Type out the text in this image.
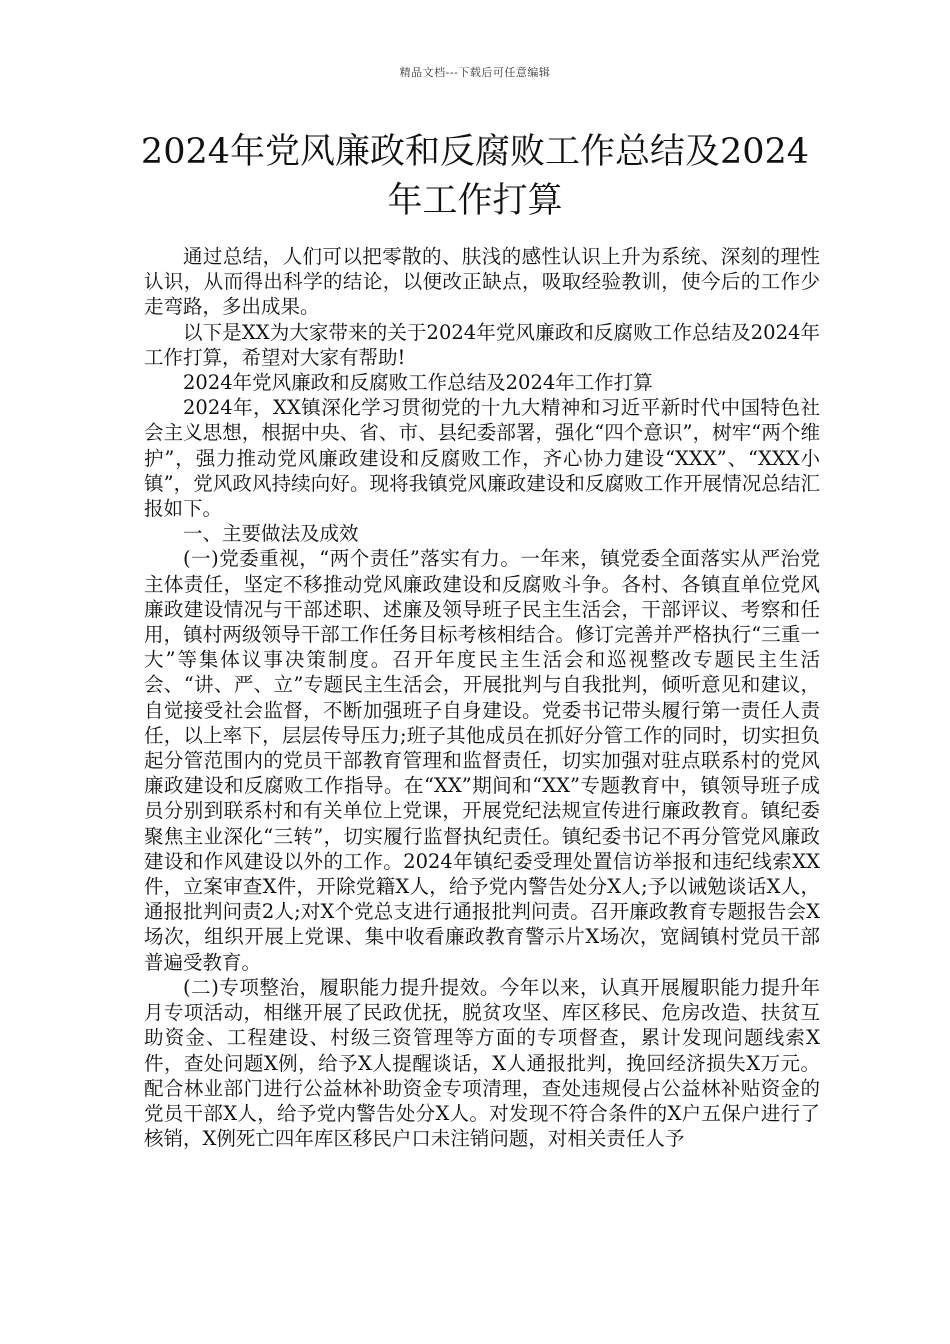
精品文档---下载后可任意编辑
2024年党风廉政和反腐败工作总结及2024年工作打算

通过总结，人们可以把零散的、肤浅的感性认识上升为系统、深刻的理性认识，从而得出科学的结论，以便改正缺点，吸取经验教训，使今后的工作少走弯路，多出成果。

以下是XX为大家带来的关于2024年党风廉政和反腐败工作总结及2024年工作打算，希望对大家有帮助!

2024年党风廉政和反腐败工作总结及2024年工作打算

2024年，XX镇深化学习贯彻党的十九大精神和习近平新时代中国特色社会主义思想，根据中央、省、市、县纪委部署，强化“四个意识”，树牢“两个维护”，强力推动党风廉政建设和反腐败工作，齐心协力建设“XXX”、“XXX小镇”，党风政风持续向好。现将我镇党风廉政建设和反腐败工作开展情况总结汇报如下。

一、主要做法及成效

(一)党委重视，“两个责任”落实有力。一年来，镇党委全面落实从严治党主体责任，坚定不移推动党风廉政建设和反腐败斗争。各村、各镇直单位党风廉政建设情况与干部述职、述廉及领导班子民主生活会，干部评议、考察和任用，镇村两级领导干部工作任务目标考核相结合。修订完善并严格执行“三重一大”等集体议事决策制度。召开年度民主生活会和巡视整改专题民主生活会、“讲、严、立”专题民主生活会，开展批判与自我批判，倾听意见和建议，自觉接受社会监督，不断加强班子自身建设。党委书记带头履行第一责任人责任，以上率下，层层传导压力;班子其他成员在抓好分管工作的同时，切实担负起分管范围内的党员干部教育管理和监督责任，切实加强对驻点联系村的党风廉政建设和反腐败工作指导。在“XX”期间和“XX”专题教育中，镇领导班子成员分别到联系村和有关单位上党课，开展党纪法规宣传进行廉政教育。镇纪委聚焦主业深化“三转”，切实履行监督执纪责任。镇纪委书记不再分管党风廉政建设和作风建设以外的工作。2024年镇纪委受理处置信访举报和违纪线索XX件，立案审查X件，开除党籍X人，给予党内警告处分X人;予以诫勉谈话X人，通报批判问责2人;对X个党总支进行通报批判问责。召开廉政教育专题报告会X场次，组织开展上党课、集中收看廉政教育警示片X场次，宽阔镇村党员干部普遍受教育。

(二)专项整治，履职能力提升提效。今年以来，认真开展履职能力提升年月专项活动，相继开展了民政优抚，脱贫攻坚、库区移民、危房改造、扶贫互助资金、工程建设、村级三资管理等方面的专项督查，累计发现问题线索X件，查处问题X例，给予X人提醒谈话，X人通报批判，挽回经济损失X万元。配合林业部门进行公益林补助资金专项清理，查处违规侵占公益林补贴资金的党员干部X人，给予党内警告处分X人。对发现不符合条件的X户五保户进行了核销，X例死亡四年库区移民户口未注销问题，对相关责任人予
